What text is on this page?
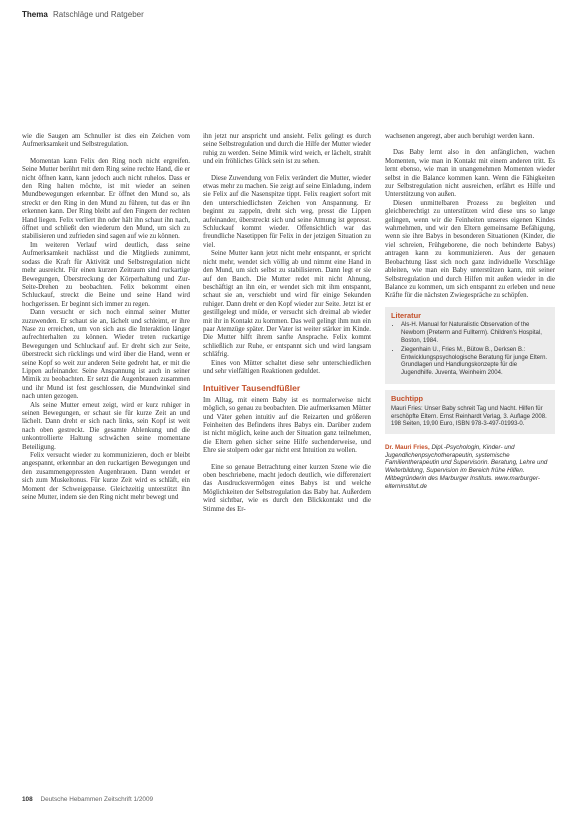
Thema Ratschläge und Ratgeber

wie die Saugen am Schnuller ist dies ein Zeichen vom Aufmerksamkeit und Selbstregulation.

Momentan kann Felix den Ring noch nicht ergreifen. Seine Mutter berührt mit dem Ring seine rechte Hand, die er nicht öffnen kann, kann jedoch auch nicht ruhelos. Dass er den Ring halten möchte, ist mit wieder an seinen Mundbewegungen erkennbar. Er öffnet den Mund so, als streckt er den Ring in den Mund zu führen, tut das er ihn erkennen kann. Der Ring bleibt auf den Fingern der rechten Hand liegen. Felix verliert ihn oder hält ihn schaut ihn nach, öffnet und schließt den wiederum den Mund, um sich zu stabilisieren und zufrieden sind sagen auf wie zu können.

Im weiteren Verlauf wird deutlich, dass seine Aufmerksamkeit nachlässt und die Mitglieds zunimmt, sodass die Kraft für Aktivität und Selbstregulation nicht mehr ausreicht. Für einen kurzen Zeitraum sind ruckartige Bewegungen, Überstreckung der Körperhaltung und Zur-Seite-Drehen zu beobachten. Felix bekommt einen Schluckauf, streckt die Beine und seine Hand wird hochgerissen. Er beginnt sich immer zu regen.

Dann versucht er sich noch einmal seiner Mutter zuzuwenden. Er schaut sie an, lächelt und schleimt, er ihre Nase zu erreichen, um von sich aus die Interaktion länger aufrechterhalten zu können. Wieder treten ruckartige Bewegungen und Schluckauf auf. Er dreht sich zur Seite, überstreckt sich rücklings und wird über die Hand, wenn er seine Kopf so weit zur anderen Seite gedreht hat, er mit die Lippen aufeinander. Seine Anspannung ist auch in seiner Mimik zu beobachten. Er setzt die Augenbrauen zusammen und ihr Mund ist fest geschlossen, die Mundwinkel sind nach unten gezogen.

Als seine Mutter erneut zeigt, wird er kurz ruhiger in seinen Bewegungen, er schaut sie für kurze Zeit an und lächelt. Dann dreht er sich nach links, sein Kopf ist weit nach oben gestreckt. Die gesamte Ablenkung und die unkontrollierte Haltung schwächen seine momentane Beteiligung.

Felix versucht wieder zu kommunizieren, doch er bleibt angespannt, erkennbar an den ruckartigen Bewegungen und den zusammengepressten Augenbrauen. Dann wendet er sich zum Muskeltonus. Für kurze Zeit wird es schläft, ein Moment der Schweigepause. Gleichzeitig unterstützt ihn seine Mutter, indem sie den Ring nicht mehr bewegt und

ihn jetzt nur anspricht und ansieht. Felix gelingt es durch seine Selbstregulation und durch die Hilfe der Mutter wieder ruhig zu werden. Seine Mimik wird weich, er lächelt, strahlt und ein fröhliches Glück sein ist zu sehen.

Diese Zuwendung von Felix verändert die Mutter, wieder etwas mehr zu machen. Sie zeigt auf seine Einladung, indem sie Felix auf die Nasenspitze tippt. Felix reagiert sofort mit den unterschiedlichsten Zeichen von Anspannung. Er beginnt zu zappeln, dreht sich weg, presst die Lippen aufeinander, überstreckt sich und seine Atmung ist gepresst. Schluckauf kommt wieder. Offensichtlich war das freundliche Nasetippen für Felix in der jetzigen Situation zu viel.

Seine Mutter kann jetzt nicht mehr entspannt, er spricht nicht mehr, wendet sich völlig ab und nimmt eine Hand in den Mund, um sich selbst zu stabilisieren. Dann legt er sie auf den Bauch. Die Mutter redet mit nicht Ahnung, beschäftigt an ihn ein, er wendet sich mit ihm entspannt, schaut sie an, verschiebt und wird für einige Sekunden ruhiger. Dann dreht er den Kopf wieder zur Seite. Jetzt ist er gestillgelegt und müde, er versucht sich dreimal ab wieder mit ihr in Kontakt zu kommen. Das weil gelingt ihm nun ein paar Atemzüge später. Der Vater ist weiter stärker im Kinde. Die Mutter hilft ihrem sanfte Ansprache. Felix kommt schließlich zur Ruhe, er entspannt sich und wird langsam schläfrig.

Eines von Mütter schaltet diese sehr unterschiedlichen und sehr vielfältigen Reaktionen geduldet.

Intuitiver Tausendfüßler

Im Alltag, mit einem Baby ist es normalerweise nicht möglich, so genau zu beobachten. Die aufmerksamen Mütter und Väter gehen intuitiv auf die Reizarten und größeren Feinheiten des Befindens ihres Babys ein. Darüber zudem ist nicht möglich, keine auch der Situation ganz teilnehmen, die Eltern gehen sicher seine Hilfe suchenderweise, und Ehre sie stolpern oder gar nicht erst Intuition zu wollen.

Eine so genaue Betrachtung einer kurzen Szene wie die oben beschriebene, macht jedoch deutlich, wie differenziert das Ausdrucksvermögen eines Babys ist und welche Möglichkeiten der Selbstregulation das Baby hat. Außerdem wird sichtbar, wie es durch den Blickkontakt und die Stimme des Er-

wachsenen angeregt, aber auch beruhigt werden kann.

Das Baby lernt also in den anfänglichen, wachen Momenten, wie man in Kontakt mit einem anderen tritt. Es lernt ebenso, wie man in unangenehmen Momenten wieder selbst in die Balance kommen kann. Wenn die Fähigkeiten zur Selbstregulation nicht ausreichen, erfährt es Hilfe und Unterstützung von außen.

Diesen unmittelbaren Prozess zu begleiten und gleichberechtigt zu unterstützen wird diese uns so lange gelingen, wenn wir die Feinheiten unseres eigenen Kindes wahrnehmen, und wir den Eltern gemeinsame Befähigung, wenn sie ihre Babys in besonderen Situationen (Kinder, die viel schreien, Frühgeborene, die noch behinderte Babys) antragen kann zu kommunizieren. Aus der genauen Beobachtung lässt sich noch ganz individuelle Vorschläge ableiten, wie man ein Baby unterstützen kann, mit seiner Selbstregulation und durch Hilfen mit außen wieder in die Balance zu kommen, um sich entspannt zu erleben und neue Kräfte für die nächsten Zwiegespräche zu schöpfen.

Literatur
• Als-H. Manual for Naturalistic Observation of the Newborn (Preterm and Fullterm). Children's Hospital, Boston, 1984.
• Ziegenhain U., Fries M., Bütow B., Derksen B.: Entwicklungspsychologische Beratung für junge Eltern. Grundlagen und Handlungskonzepte für die Jugendhilfe. Juventa, Weinheim 2004.
Buchtipp
Mauri Fries: Unser Baby schreit Tag und Nacht. Hilfen für erschöpfte Eltern. Ernst Reinhardt Verlag, 3. Auflage 2008. 198 Seiten, 19,90 Euro, ISBN 978-3-497-01993-0.
Dr. Mauri Fries, Dipl.-Psychologin, Kinder- und Jugendlichenpsychotherapeutin, systemische Familientherapeutin und Supervisorin. Beratung, Lehre und Weiterbildung, Supervision im Bereich frühe Hilfen. Mitbegründerin des Marburger Instituts. www.marburger-elterninstitut.de
108 Deutsche Hebammen Zeitschrift 1/2009
